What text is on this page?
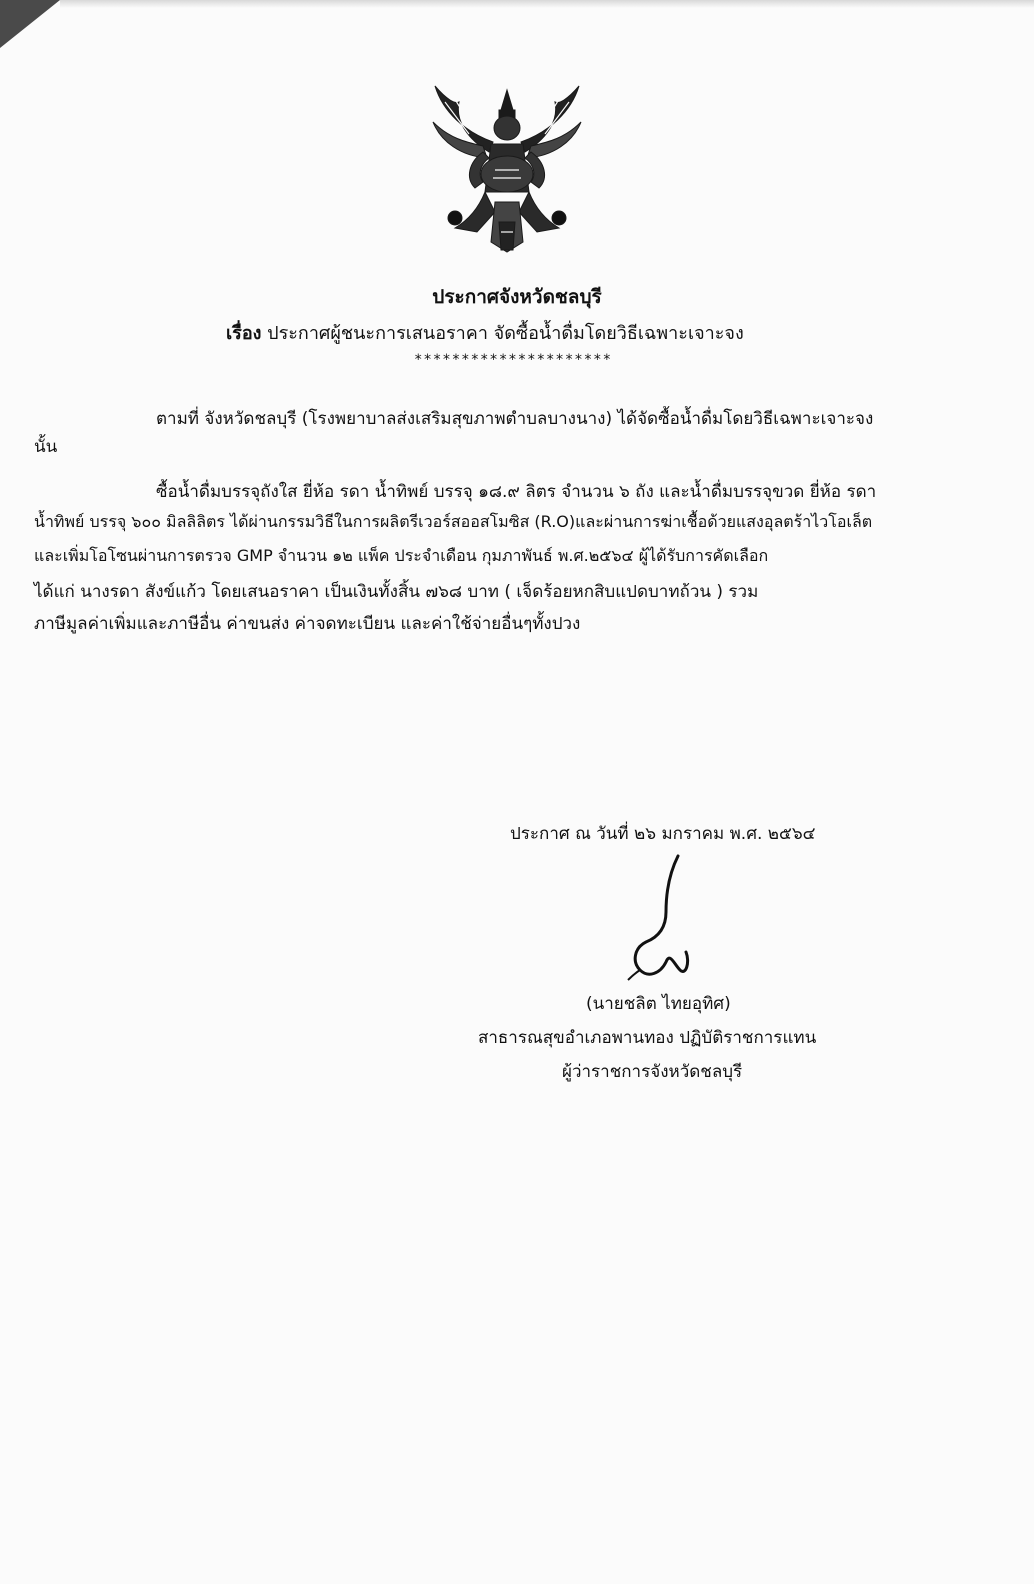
ประกาศจังหวัดชลบุรี
เรื่อง ประกาศผู้ชนะการเสนอราคา จัดซื้อน้ำดื่มโดยวิธีเฉพาะเจาะจง
*********************
ตามที่ จังหวัดชลบุรี (โรงพยาบาลส่งเสริมสุขภาพตำบลบางนาง) ได้จัดซื้อน้ำดื่มโดยวิธีเฉพาะเจาะจง
นั้น
ซื้อน้ำดื่มบรรจุถังใส ยี่ห้อ รดา น้ำทิพย์ บรรจุ ๑๘.๙ ลิตร จำนวน ๖ ถัง และน้ำดื่มบรรจุขวด ยี่ห้อ รดา
น้ำทิพย์ บรรจุ ๖๐๐ มิลลิลิตร ได้ผ่านกรรมวิธีในการผลิตรีเวอร์สออสโมซิส (R.O)และผ่านการฆ่าเชื้อด้วยแสงอุลตร้าไวโอเล็ต
และเพิ่มโอโซนผ่านการตรวจ GMP จำนวน ๑๒ แพ็ค ประจำเดือน กุมภาพันธ์ พ.ศ.๒๕๖๔ ผู้ได้รับการคัดเลือก
ได้แก่ นางรดา สังข์แก้ว โดยเสนอราคา เป็นเงินทั้งสิ้น ๗๖๘ บาท ( เจ็ดร้อยหกสิบแปดบาทถ้วน ) รวม
ภาษีมูลค่าเพิ่มและภาษีอื่น ค่าขนส่ง ค่าจดทะเบียน และค่าใช้จ่ายอื่นๆทั้งปวง
ประกาศ ณ วันที่ ๒๖ มกราคม พ.ศ. ๒๕๖๔
(นายชลิต ไทยอุทิศ)
สาธารณสุขอำเภอพานทอง ปฏิบัติราชการแทน
ผู้ว่าราชการจังหวัดชลบุรี
